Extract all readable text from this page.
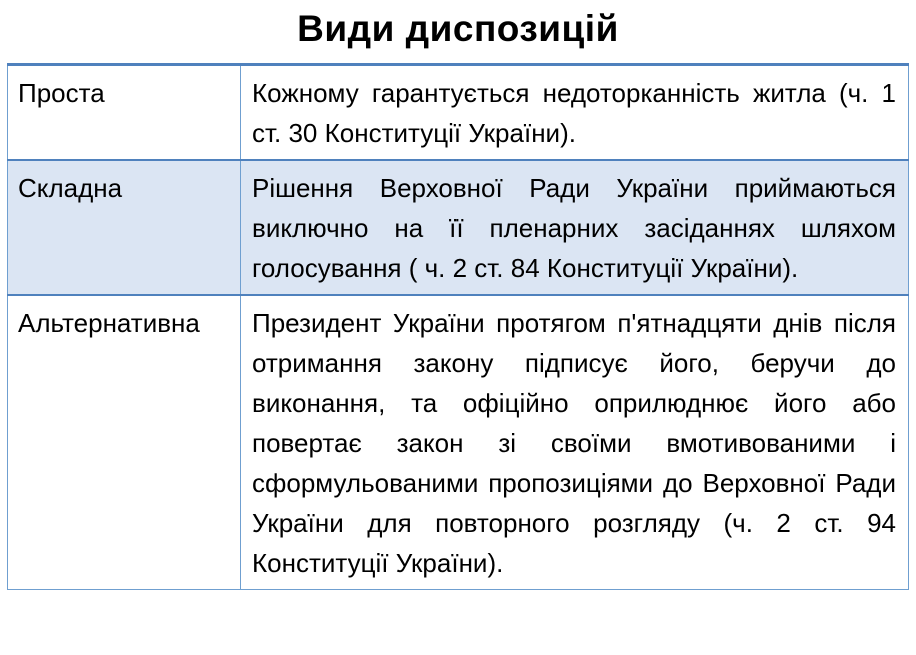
Види диспозицій
Проста	Кожному гарантується недоторканність житла (ч. 1 ст. 30 Конституції України).
Складна	Рішення Верховної Ради України приймаються виключно на її пленарних засіданнях шляхом голосування ( ч. 2 ст. 84 Конституції України).
Альтернативна	Президент України протягом п'ятнадцяти днів після отримання закону підписує його, беручи до виконання, та офіційно оприлюднює його або повертає закон зі своїми вмотивованими і сформульованими пропозиціями до Верховної Ради України для повторного розгляду (ч. 2 ст. 94 Конституції України).
